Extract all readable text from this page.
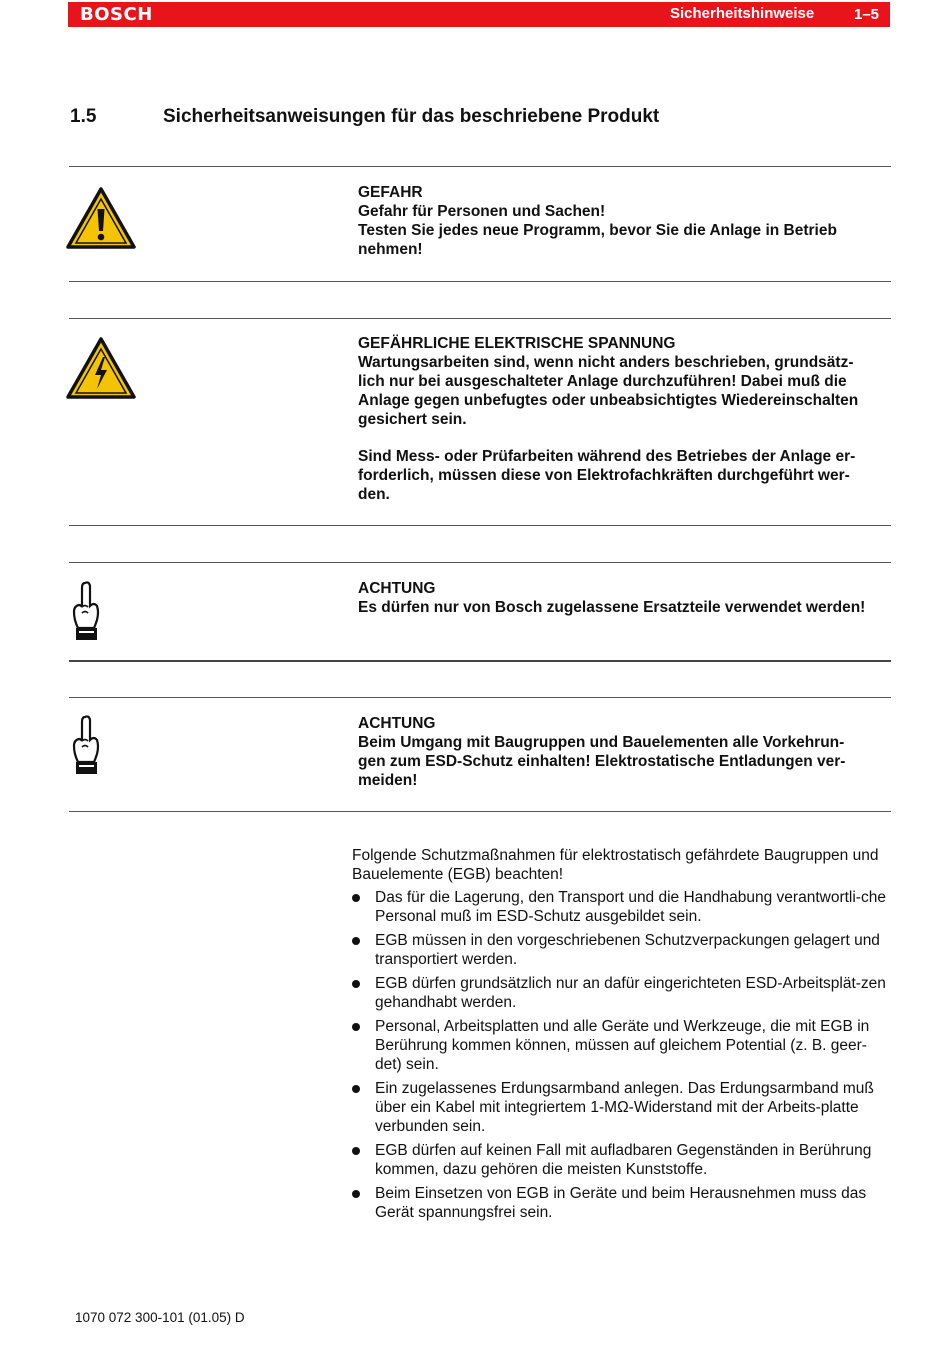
BOSCH	Sicherheitshinweise	1–5
1.5	Sicherheitsanweisungen für das beschriebene Produkt

GEFAHR

Gefahr für Personen und Sachen!

Testen Sie jedes neue Programm, bevor Sie die Anlage in Betrieb

nehmen!

GEFÄHRLICHE ELEKTRISCHE SPANNUNG

Wartungsarbeiten sind, wenn nicht anders beschrieben, grundsätz-

lich nur bei ausgeschalteter Anlage durchzuführen! Dabei muß die

Anlage gegen unbefugtes oder unbeabsichtigtes Wiedereinschalten

gesichert sein.

Sind Mess- oder Prüfarbeiten während des Betriebes der Anlage er-

forderlich, müssen diese von Elektrofachkräften durchgeführt wer-

den.

ACHTUNG

Es dürfen nur von Bosch zugelassene Ersatzteile verwendet werden!

ACHTUNG

Beim Umgang mit Baugruppen und Bauelementen alle Vorkehrun-

gen zum ESD-Schutz einhalten! Elektrostatische Entladungen ver-

meiden!

Folgende Schutzmaßnahmen für elektrostatisch gefährdete Baugruppen und Bauelemente (EGB) beachten!

Das für die Lagerung, den Transport und die Handhabung verantwortli-che Personal muß im ESD-Schutz ausgebildet sein.
EGB müssen in den vorgeschriebenen Schutzverpackungen gelagert und transportiert werden.
EGB dürfen grundsätzlich nur an dafür eingerichteten ESD-Arbeitsplät-zen gehandhabt werden.
Personal, Arbeitsplatten und alle Geräte und Werkzeuge, die mit EGB in Berührung kommen können, müssen auf gleichem Potential (z. B. geer-det) sein.
Ein zugelassenes Erdungsarmband anlegen. Das Erdungsarmband muß über ein Kabel mit integriertem 1-MΩ-Widerstand mit der Arbeits-platte verbunden sein.
EGB dürfen auf keinen Fall mit aufladbaren Gegenständen in Berührung kommen, dazu gehören die meisten Kunststoffe.
Beim Einsetzen von EGB in Geräte und beim Herausnehmen muss das Gerät spannungsfrei sein.
1070 072 300-101 (01.05) D
